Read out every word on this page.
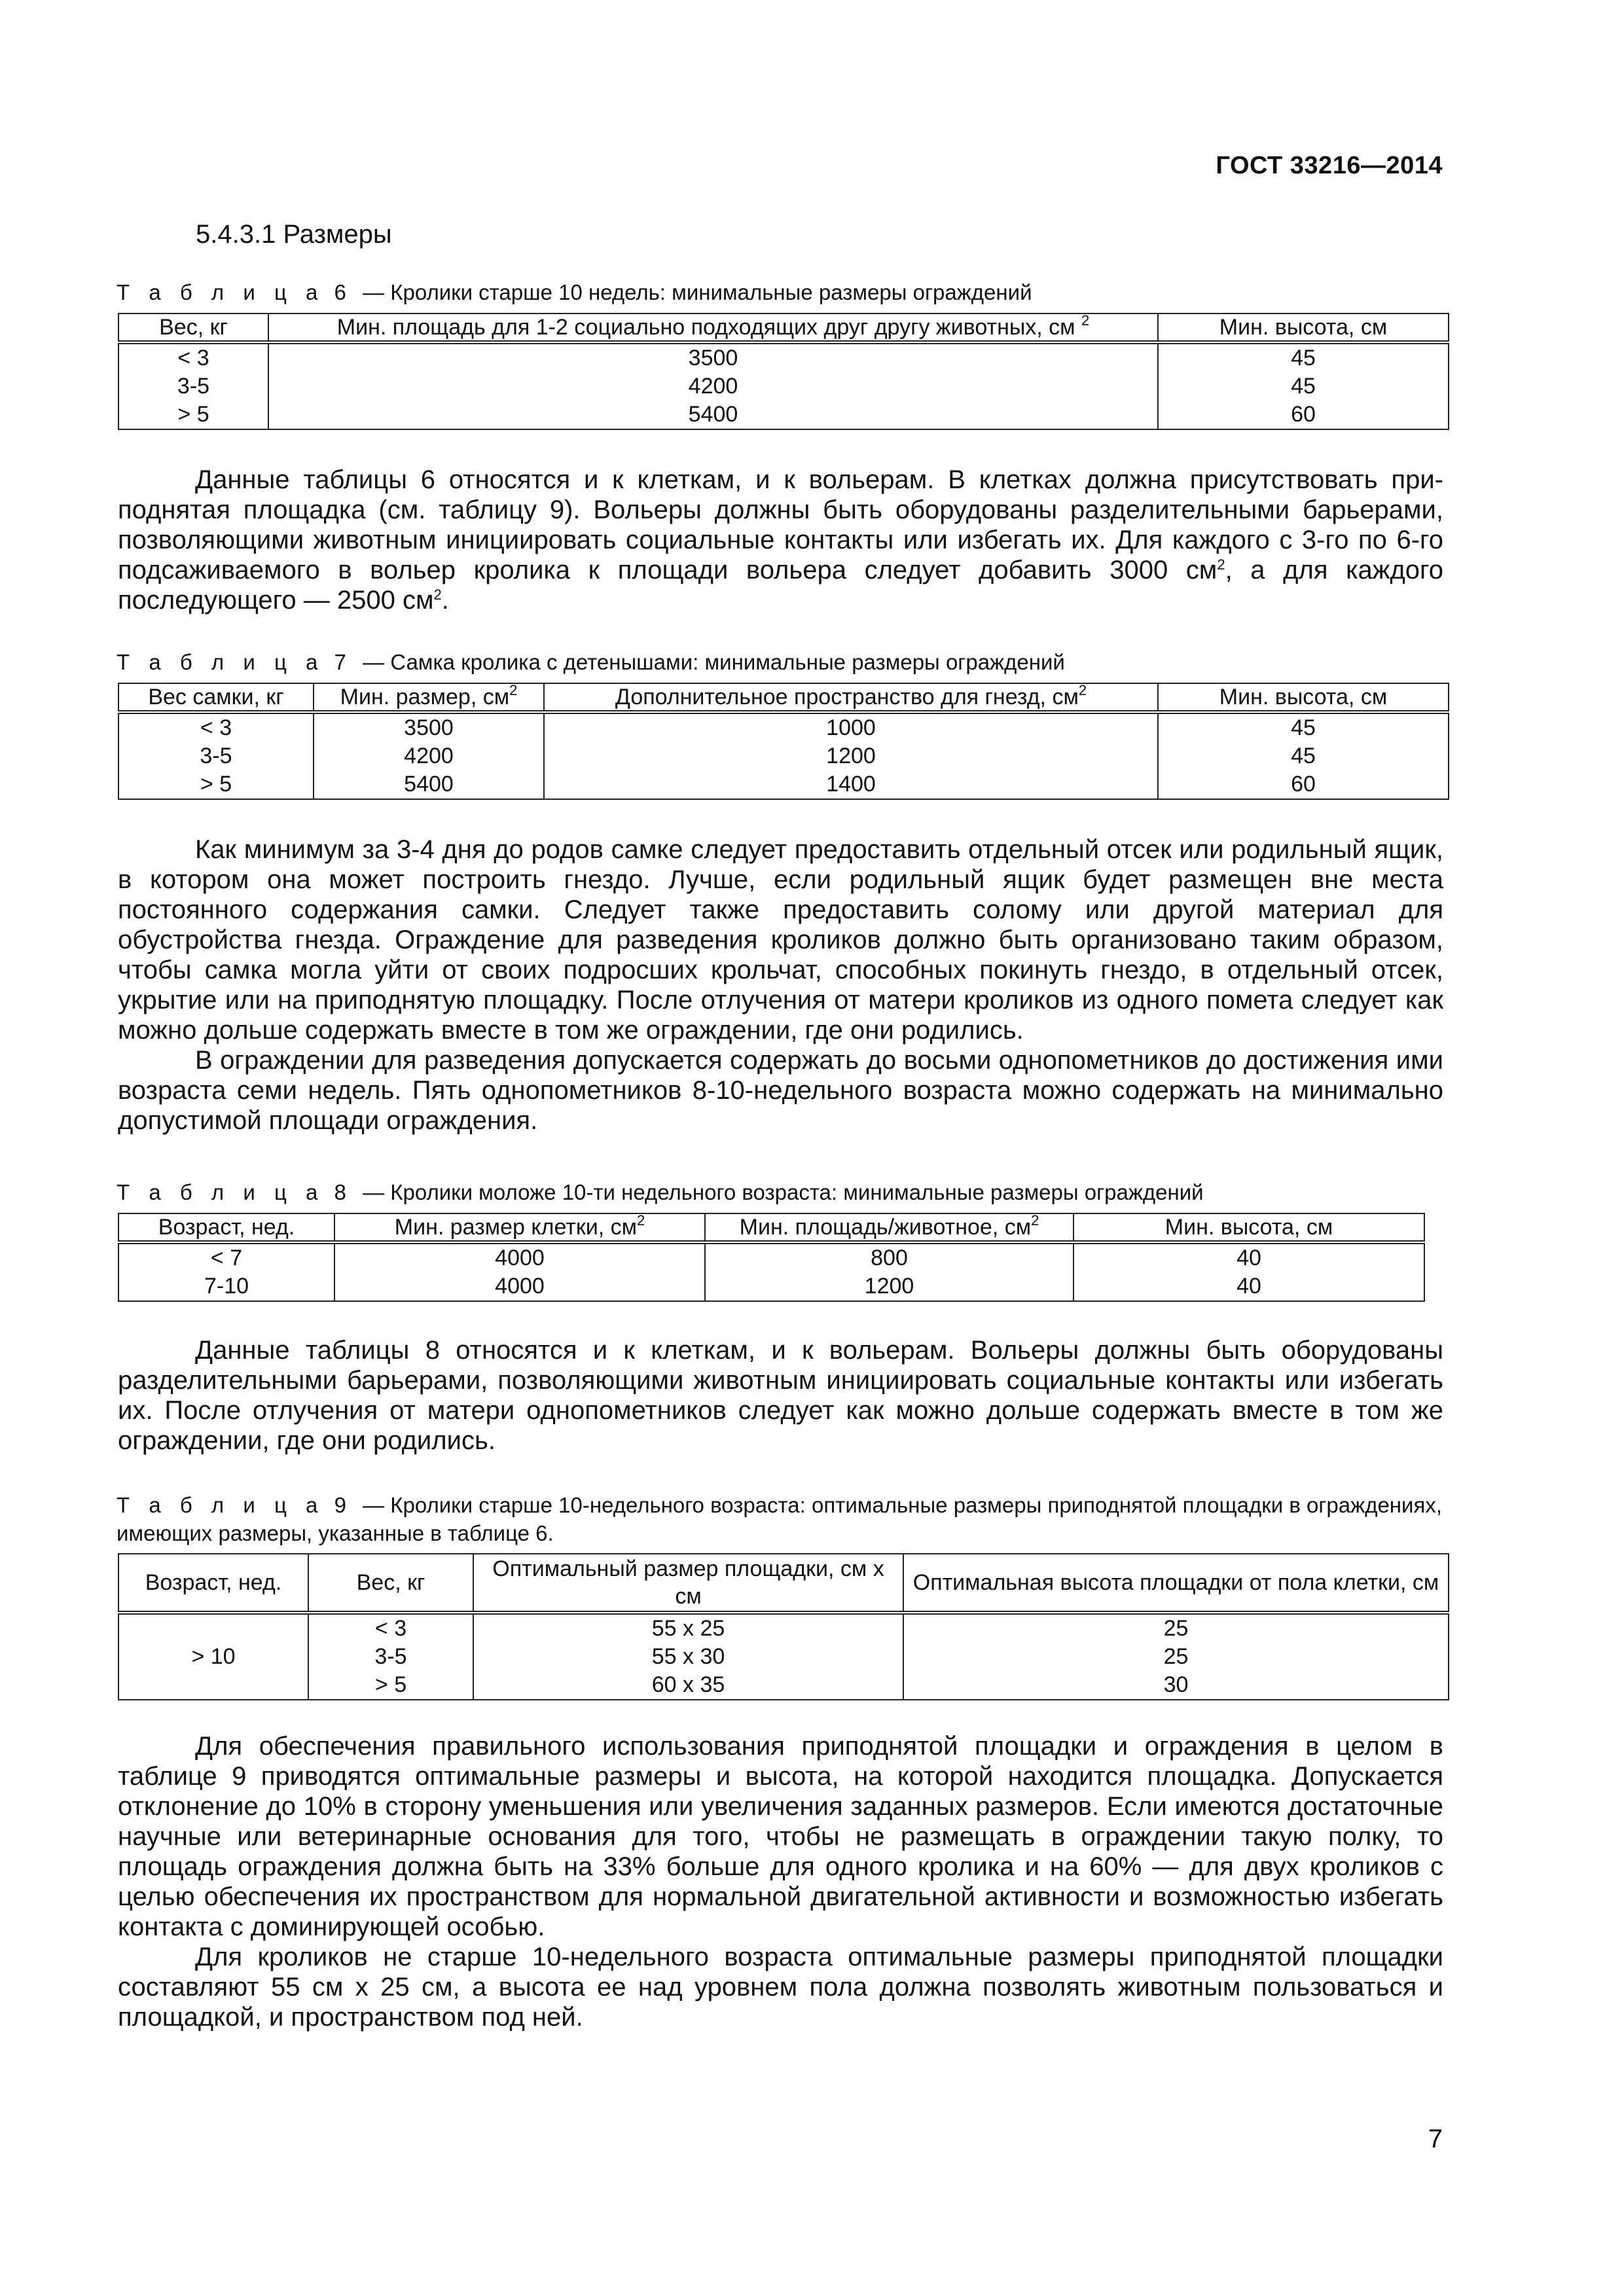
ГОСТ 33216—2014
5.4.3.1 Размеры
Т а б л и ц а 6 — Кролики старше 10 недель: минимальные размеры ограждений
Вес, кг	Мин. площадь для 1-2 социально подходящих друг другу животных, см $^2$	Мин. высота, см
< 3	3500	45
3-5	4200	45
> 5	5400	60

Данные таблицы 6 относятся и к клеткам, и к вольерам. В клетках должна присутствовать приподнятая площадка (см. таблицу 9). Вольеры должны быть оборудованы разделительными барьерами, позволяющими животным инициировать социальные контакты или избегать их. Для каждого с 3-го по 6-го подсаживаемого в вольер кролика к площади вольера следует добавить 3000 $см^2$, а для каждого последующего — 2500 $см^2$.

Т а б л и ц а 7 — Самка кролика с детенышами: минимальные размеры ограждений
Вес самки, кг	Мин. размер, $см^2$	Дополнительное пространство для гнезд, $см^2$	Мин. высота, см
< 3	3500	1000	45
3-5	4200	1200	45
> 5	5400	1400	60

Как минимум за 3-4 дня до родов самке следует предоставить отдельный отсек или родильный ящик, в котором она может построить гнездо. Лучше, если родильный ящик будет размещен вне места постоянного содержания самки. Следует также предоставить солому или другой материал для обустройства гнезда. Ограждение для разведения кроликов должно быть организовано таким образом, чтобы самка могла уйти от своих подросших крольчат, способных покинуть гнездо, в отдельный отсек, укрытие или на приподнятую площадку. После отлучения от матери кроликов из одного помета следует как можно дольше содержать вместе в том же ограждении, где они родились.

В ограждении для разведения допускается содержать до восьми однопометников до достижения ими возраста семи недель. Пять однопометников 8-10-недельного возраста можно содержать на минимально допустимой площади ограждения.

Т а б л и ц а 8 — Кролики моложе 10-ти недельного возраста: минимальные размеры ограждений
Возраст, нед.	Мин. размер клетки, $см^2$	Мин. площадь/животное, $см^2$	Мин. высота, см
< 7	4000	800	40
7-10	4000	1200	40

Данные таблицы 8 относятся и к клеткам, и к вольерам. Вольеры должны быть оборудованы разделительными барьерами, позволяющими животным инициировать социальные контакты или избегать их. После отлучения от матери однопометников следует как можно дольше содержать вместе в том же ограждении, где они родились.

Т а б л и ц а 9 — Кролики старше 10-недельного возраста: оптимальные размеры приподнятой площадки в ограждениях, имеющих размеры, указанные в таблице 6.
Возраст, нед.	Вес, кг	Оптимальный размер площадки, см х см	Оптимальная высота площадки от пола клетки, см
> 10	< 3	55 х 25	25
	3-5	55 х 30	25
	> 5	60 х 35	30

Для обеспечения правильного использования приподнятой площадки и ограждения в целом в таблице 9 приводятся оптимальные размеры и высота, на которой находится площадка. Допускается отклонение до 10% в сторону уменьшения или увеличения заданных размеров. Если имеются достаточные научные или ветеринарные основания для того, чтобы не размещать в ограждении такую полку, то площадь ограждения должна быть на 33% больше для одного кролика и на 60% — для двух кроликов с целью обеспечения их пространством для нормальной двигательной активности и возможностью избегать контакта с доминирующей особью.

Для кроликов не старше 10-недельного возраста оптимальные размеры приподнятой площадки составляют 55 см х 25 см, а высота ее над уровнем пола должна позволять животным пользоваться и площадкой, и пространством под ней.

7
